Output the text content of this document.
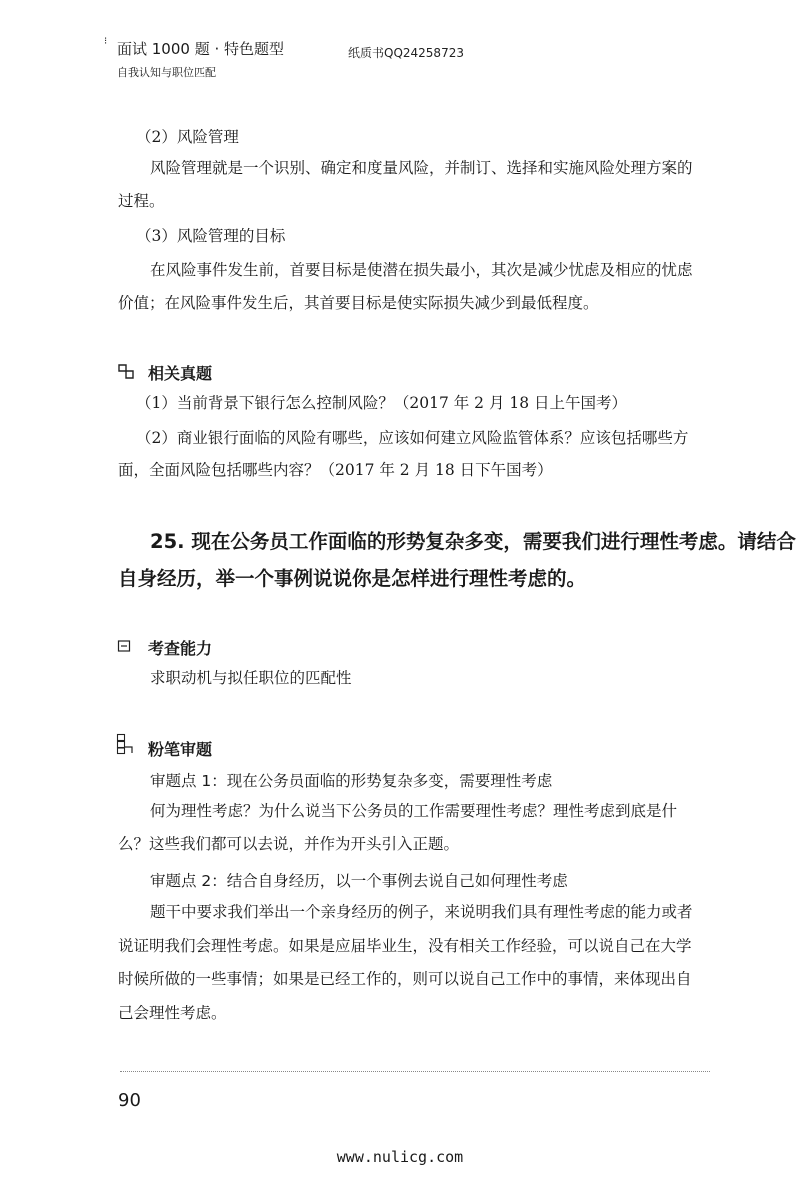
⁝ 面试 1000 题 · 特色题型
自我认知与职位匹配
纸质书QQ24258723
（2）风险管理
风险管理就是一个识别、确定和度量风险，并制订、选择和实施风险处理方案的
过程。
（3）风险管理的目标
在风险事件发生前，首要目标是使潜在损失最小，其次是减少忧虑及相应的忧虑
价值；在风险事件发生后，其首要目标是使实际损失减少到最低程度。
相关真题
（1）当前背景下银行怎么控制风险？（2017 年 2 月 18 日上午国考）
（2）商业银行面临的风险有哪些，应该如何建立风险监管体系？应该包括哪些方
面，全面风险包括哪些内容？（2017 年 2 月 18 日下午国考）
25. 现在公务员工作面临的形势复杂多变，需要我们进行理性考虑。请结合
自身经历，举一个事例说说你是怎样进行理性考虑的。
考查能力
求职动机与拟任职位的匹配性
粉笔审题
审题点 1：现在公务员面临的形势复杂多变，需要理性考虑
何为理性考虑？为什么说当下公务员的工作需要理性考虑？理性考虑到底是什
么？这些我们都可以去说，并作为开头引入正题。
审题点 2：结合自身经历，以一个事例去说自己如何理性考虑
题干中要求我们举出一个亲身经历的例子，来说明我们具有理性考虑的能力或者
说证明我们会理性考虑。如果是应届毕业生，没有相关工作经验，可以说自己在大学
时候所做的一些事情；如果是已经工作的，则可以说自己工作中的事情，来体现出自
己会理性考虑。
90
www.nulicg.com
